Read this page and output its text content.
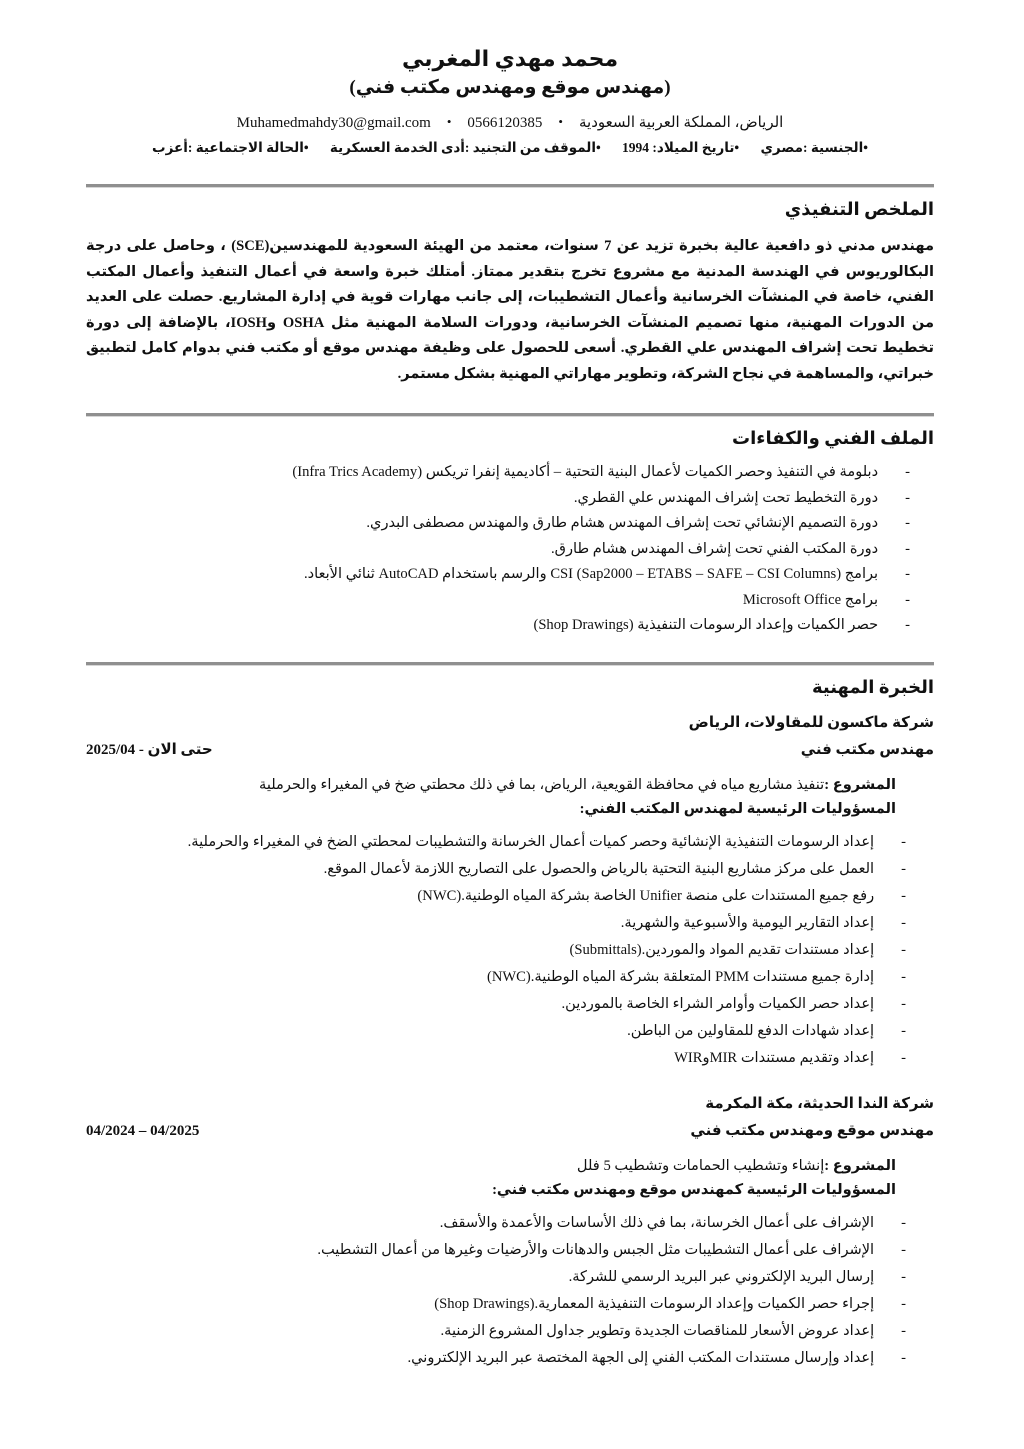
محمد مهدي المغربي
(مهندس موقع ومهندس مكتب فني)
الرياض، المملكة العربية السعودية•0566120385•Muhamedmahdy30@gmail.com
•الجنسية :مصري •تاريخ الميلاد: 1994 •الموقف من التجنيد :أدى الخدمة العسكرية •الحالة الاجتماعية :أعزب
الملخص التنفيذي
مهندس مدني ذو دافعية عالية بخبرة تزيد عن 7 سنوات، معتمد من الهيئة السعودية للمهندسين(SCE) ، وحاصل على درجة البكالوريوس في الهندسة المدنية مع مشروع تخرج بتقدير ممتاز. أمتلك خبرة واسعة في أعمال التنفيذ وأعمال المكتب الفني، خاصة في المنشآت الخرسانية وأعمال التشطيبات، إلى جانب مهارات قوية في إدارة المشاريع. حصلت على العديد من الدورات المهنية، منها تصميم المنشآت الخرسانية، ودورات السلامة المهنية مثل OSHA وIOSH، بالإضافة إلى دورة تخطيط تحت إشراف المهندس علي القطري. أسعى للحصول على وظيفة مهندس موقع أو مكتب فني بدوام كامل لتطبيق خبراتي، والمساهمة في نجاح الشركة، وتطوير مهاراتي المهنية بشكل مستمر.
الملف الفني والكفاءات
-
دبلومة في التنفيذ وحصر الكميات لأعمال البنية التحتية – أكاديمية إنفرا تريكس (Infra Trics Academy)
-
دورة التخطيط تحت إشراف المهندس علي القطري.
-
دورة التصميم الإنشائي تحت إشراف المهندس هشام طارق والمهندس مصطفى البدري.
-
دورة المكتب الفني تحت إشراف المهندس هشام طارق.
-
برامج CSI (Sap2000 – ETABS – SAFE – CSI Columns) والرسم باستخدام AutoCAD ثنائي الأبعاد.
-
برامج Microsoft Office
-
حصر الكميات وإعداد الرسومات التنفيذية (Shop Drawings)
الخبرة المهنية
شركة ماكسون للمقاولات، الرياض
مهندس مكتب فني
2025/04 - حتى الان
المشروع :تنفيذ مشاريع مياه في محافظة القويعية، الرياض، بما في ذلك محطتي ضخ في المغيراء والحرملية
المسؤوليات الرئيسية لمهندس المكتب الفني:
-
إعداد الرسومات التنفيذية الإنشائية وحصر كميات أعمال الخرسانة والتشطيبات لمحطتي الضخ في المغيراء والحرملية.
-
العمل على مركز مشاريع البنية التحتية بالرياض والحصول على التصاريح اللازمة لأعمال الموقع.
-
رفع جميع المستندات على منصة Unifier الخاصة بشركة المياه الوطنية.(NWC)
-
إعداد التقارير اليومية والأسبوعية والشهرية.
-
إعداد مستندات تقديم المواد والموردين.(Submittals)
-
إدارة جميع مستندات PMM المتعلقة بشركة المياه الوطنية.(NWC)
-
إعداد حصر الكميات وأوامر الشراء الخاصة بالموردين.
-
إعداد شهادات الدفع للمقاولين من الباطن.
-
إعداد وتقديم مستندات MIRوWIR
شركة الندا الحديثة، مكة المكرمة
مهندس موقع ومهندس مكتب فني
04/2024 – 04/2025
المشروع :إنشاء وتشطيب الحمامات وتشطيب 5 فلل
المسؤوليات الرئيسية كمهندس موقع ومهندس مكتب فني:
-
الإشراف على أعمال الخرسانة، بما في ذلك الأساسات والأعمدة والأسقف.
-
الإشراف على أعمال التشطيبات مثل الجبس والدهانات والأرضيات وغيرها من أعمال التشطيب.
-
إرسال البريد الإلكتروني عبر البريد الرسمي للشركة.
-
إجراء حصر الكميات وإعداد الرسومات التنفيذية المعمارية.(Shop Drawings)
-
إعداد عروض الأسعار للمناقصات الجديدة وتطوير جداول المشروع الزمنية.
-
إعداد وإرسال مستندات المكتب الفني إلى الجهة المختصة عبر البريد الإلكتروني.
